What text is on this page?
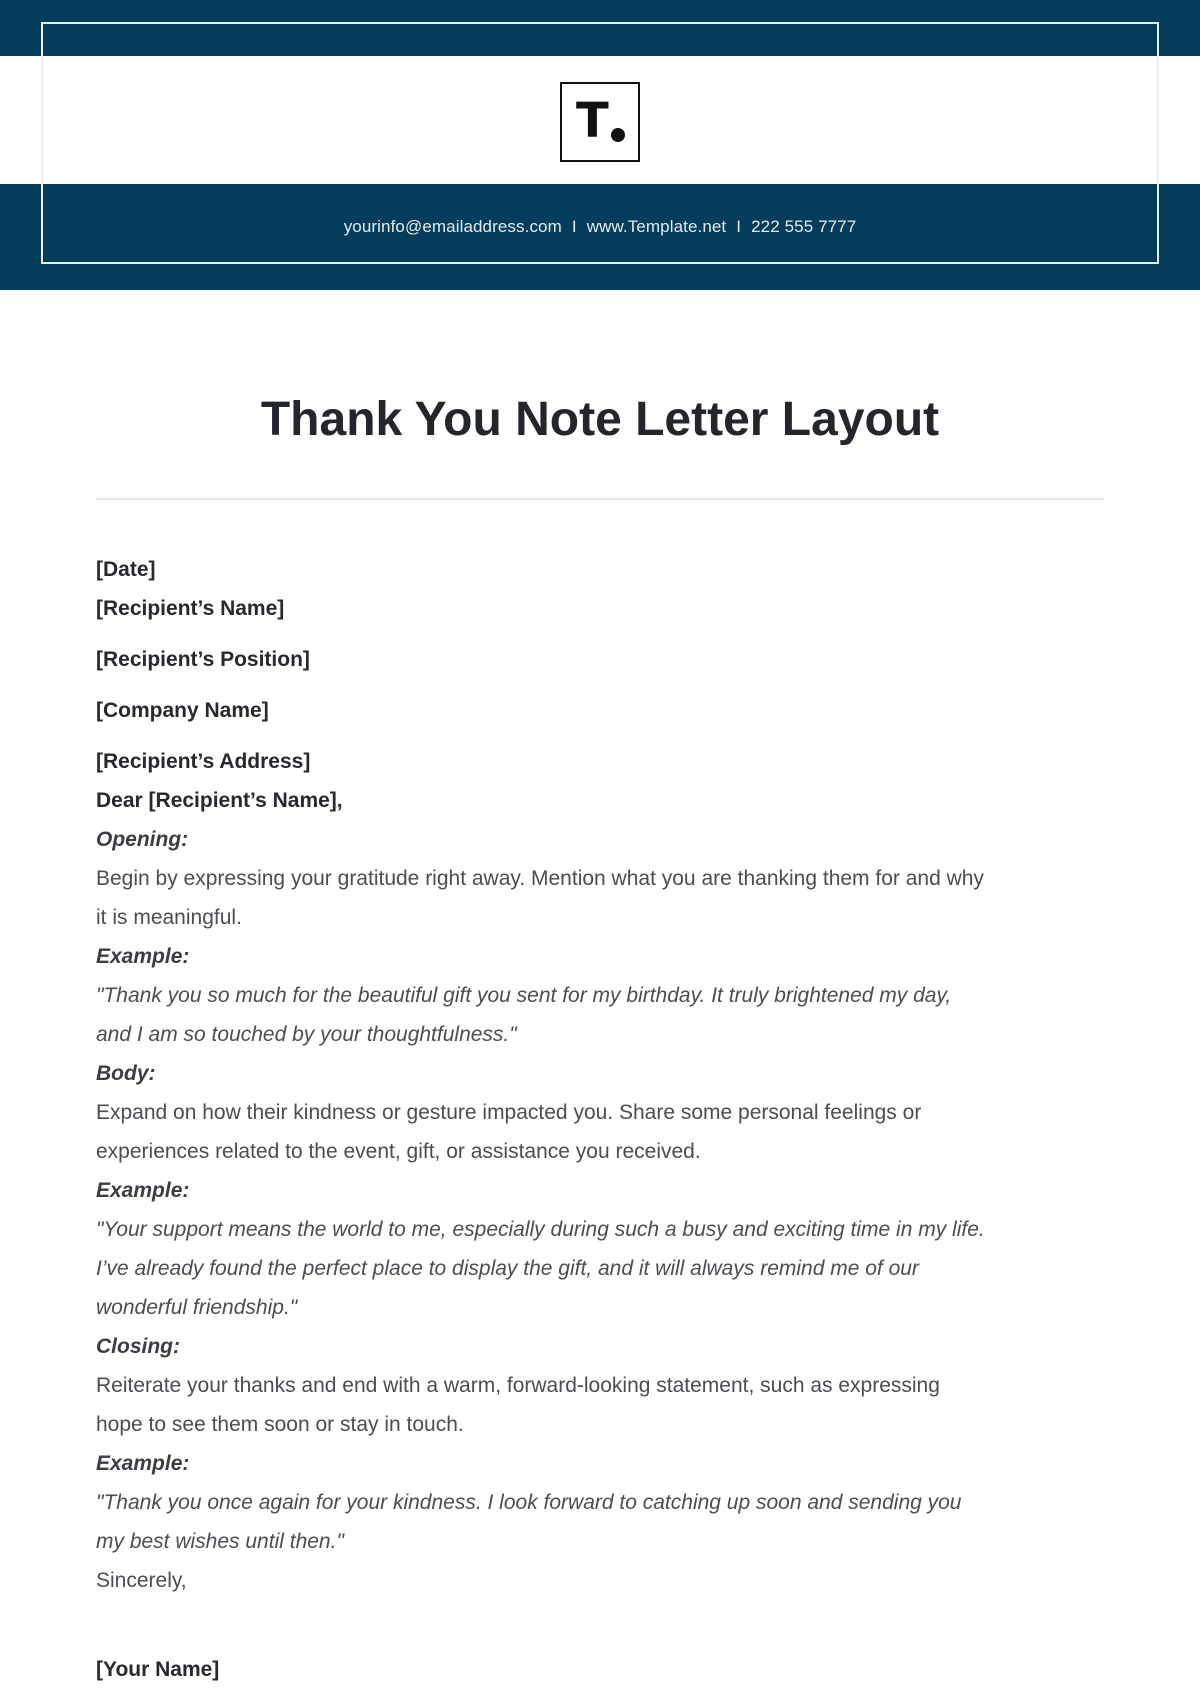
T
yourinfo@emailaddress.com I www.Template.net I 222 555 7777
Thank You Note Letter Layout
[Date]
[Recipient’s Name]
[Recipient’s Position]
[Company Name]
[Recipient’s Address]
Dear [Recipient’s Name],
Opening:
Begin by expressing your gratitude right away. Mention what you are thanking them for and why
it is meaningful.
Example:
"Thank you so much for the beautiful gift you sent for my birthday. It truly brightened my day,
and I am so touched by your thoughtfulness."
Body:
Expand on how their kindness or gesture impacted you. Share some personal feelings or
experiences related to the event, gift, or assistance you received.
Example:
"Your support means the world to me, especially during such a busy and exciting time in my life.
I’ve already found the perfect place to display the gift, and it will always remind me of our
wonderful friendship."
Closing:
Reiterate your thanks and end with a warm, forward-looking statement, such as expressing
hope to see them soon or stay in touch.
Example:
"Thank you once again for your kindness. I look forward to catching up soon and sending you
my best wishes until then."
Sincerely,
[Your Name]
